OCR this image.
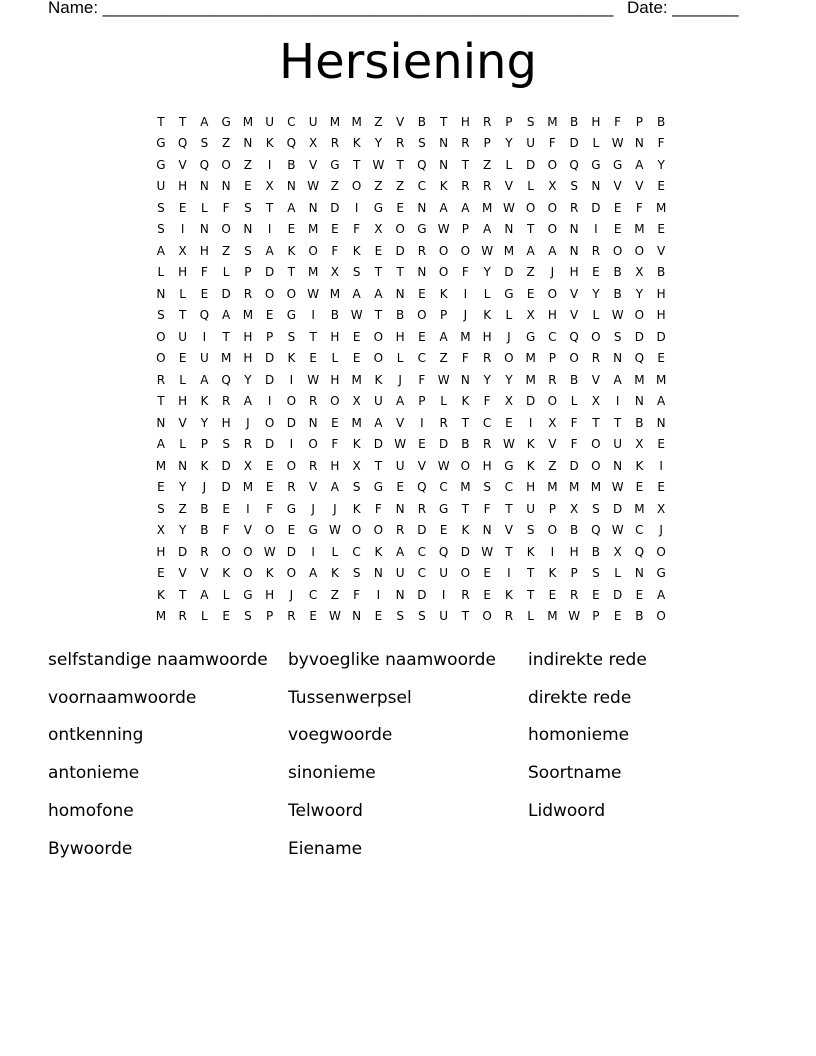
Name: ______________________________________________________ Date: _______
Hersiening
T	T	A	G M	U	C	U	M M	Z	V	B	T	H	R	P	S	M	B	H	F	P	B
G	Q	S	Z	N	K	Q	X	R	K	Y	R	S	N	R	P	Y	U	F	D	L	W N	F
G	V	Q	O	Z	I	B	V	G	T	W	T	Q	N	T	Z	L	D	O	Q	G	G	A	Y
U	H	N	N	E	X	N W Z	O	Z	Z	C	K	R	R	V	L	X	S	N	V	V	E
S	E	L	F	S	T	A	N	D	I	G	E	N	A	A	M W O	O	R	D	E	F	M
S	I	N	O	N	I	E	M	E	F	X	O	G W	P	A	N	T	O	N	I	E	M	E
A	X	H	Z	S	A	K	O	F	K	E	D	R	O	O W M	A	A	N	R	O	O	V
L	H	F	L	P	D	T	M	X	S	T	T	N	O	F	Y	D	Z	J	H	E	B	X	B
N	L	E	D	R	O	O W M	A	A	N	E	K	I	L	G	E	O	V	Y	B	Y	H
S	T	Q	A	M	E	G	I	B W	T	B	O	P	J	K	L	X	H	V	L	W O	H
O	U	I	T	H	P	S	T	H	E	O	H	E	A	M	H	J	G	C	Q	O	S	D	D
O	E	U	M	H	D	K	E	L	E	O	L	C	Z	F	R	O M	P	O	R	N	Q	E
R	L	A	Q	Y	D	I	W H	M	K	J	F	W N	Y	Y	M	R	B	V	A	M M
T	H	K	R	A	I	O	R	O	X	U	A	P	L	K	F	X	D	O	L	X	I	N	A
N	V	Y	H	J	O	D	N	E	M	A	V	I	R	T	C	E	I	X	F	T	T	B	N
A	L	P	S	R	D	I	O	F	K	D W	E	D	B	R W K	V	F	O	U	X	E
M	N	K	D	X	E	O	R	H	X	T	U	V W O	H	G	K	Z	D	O	N	K	I
E	Y	J	D M	E	R	V	A	S	G	E	Q	C	M	S	C	H	M M M W	E	E
S	Z	B	E	I	F	G	J	J	K	F	N	R	G	T	F	T	U	P	X	S	D M	X
X	Y	B	F	V	O	E	G W O	O	R	D	E	K	N	V	S	O	B	Q W C	J
H	D	R	O	O W D	I	L	C	K	A	C	Q	D W	T	K	I	H	B	X	Q	O
E	V	V	K	O	K	O	A	K	S	N	U	C	U	O	E	I	T	K	P	S	L	N	G
K	T	A	L	G	H	J	C	Z	F	I	N	D	I	R	E	K	T	E	R	E	D	E	A
M	R	L	E	S	P	R	E	W N	E	S	S	U	T	O	R	L	M W	P	E	B	O
selfstandige naamwoorde	byvoeglike naamwoorde	indirekte rede
voornaamwoorde	Tussenwerpsel	direkte rede
ontkenning	voegwoorde	homonieme
antonieme	sinonieme	Soortname
homofone	Telwoord	Lidwoord
Bywoorde	Eiename
